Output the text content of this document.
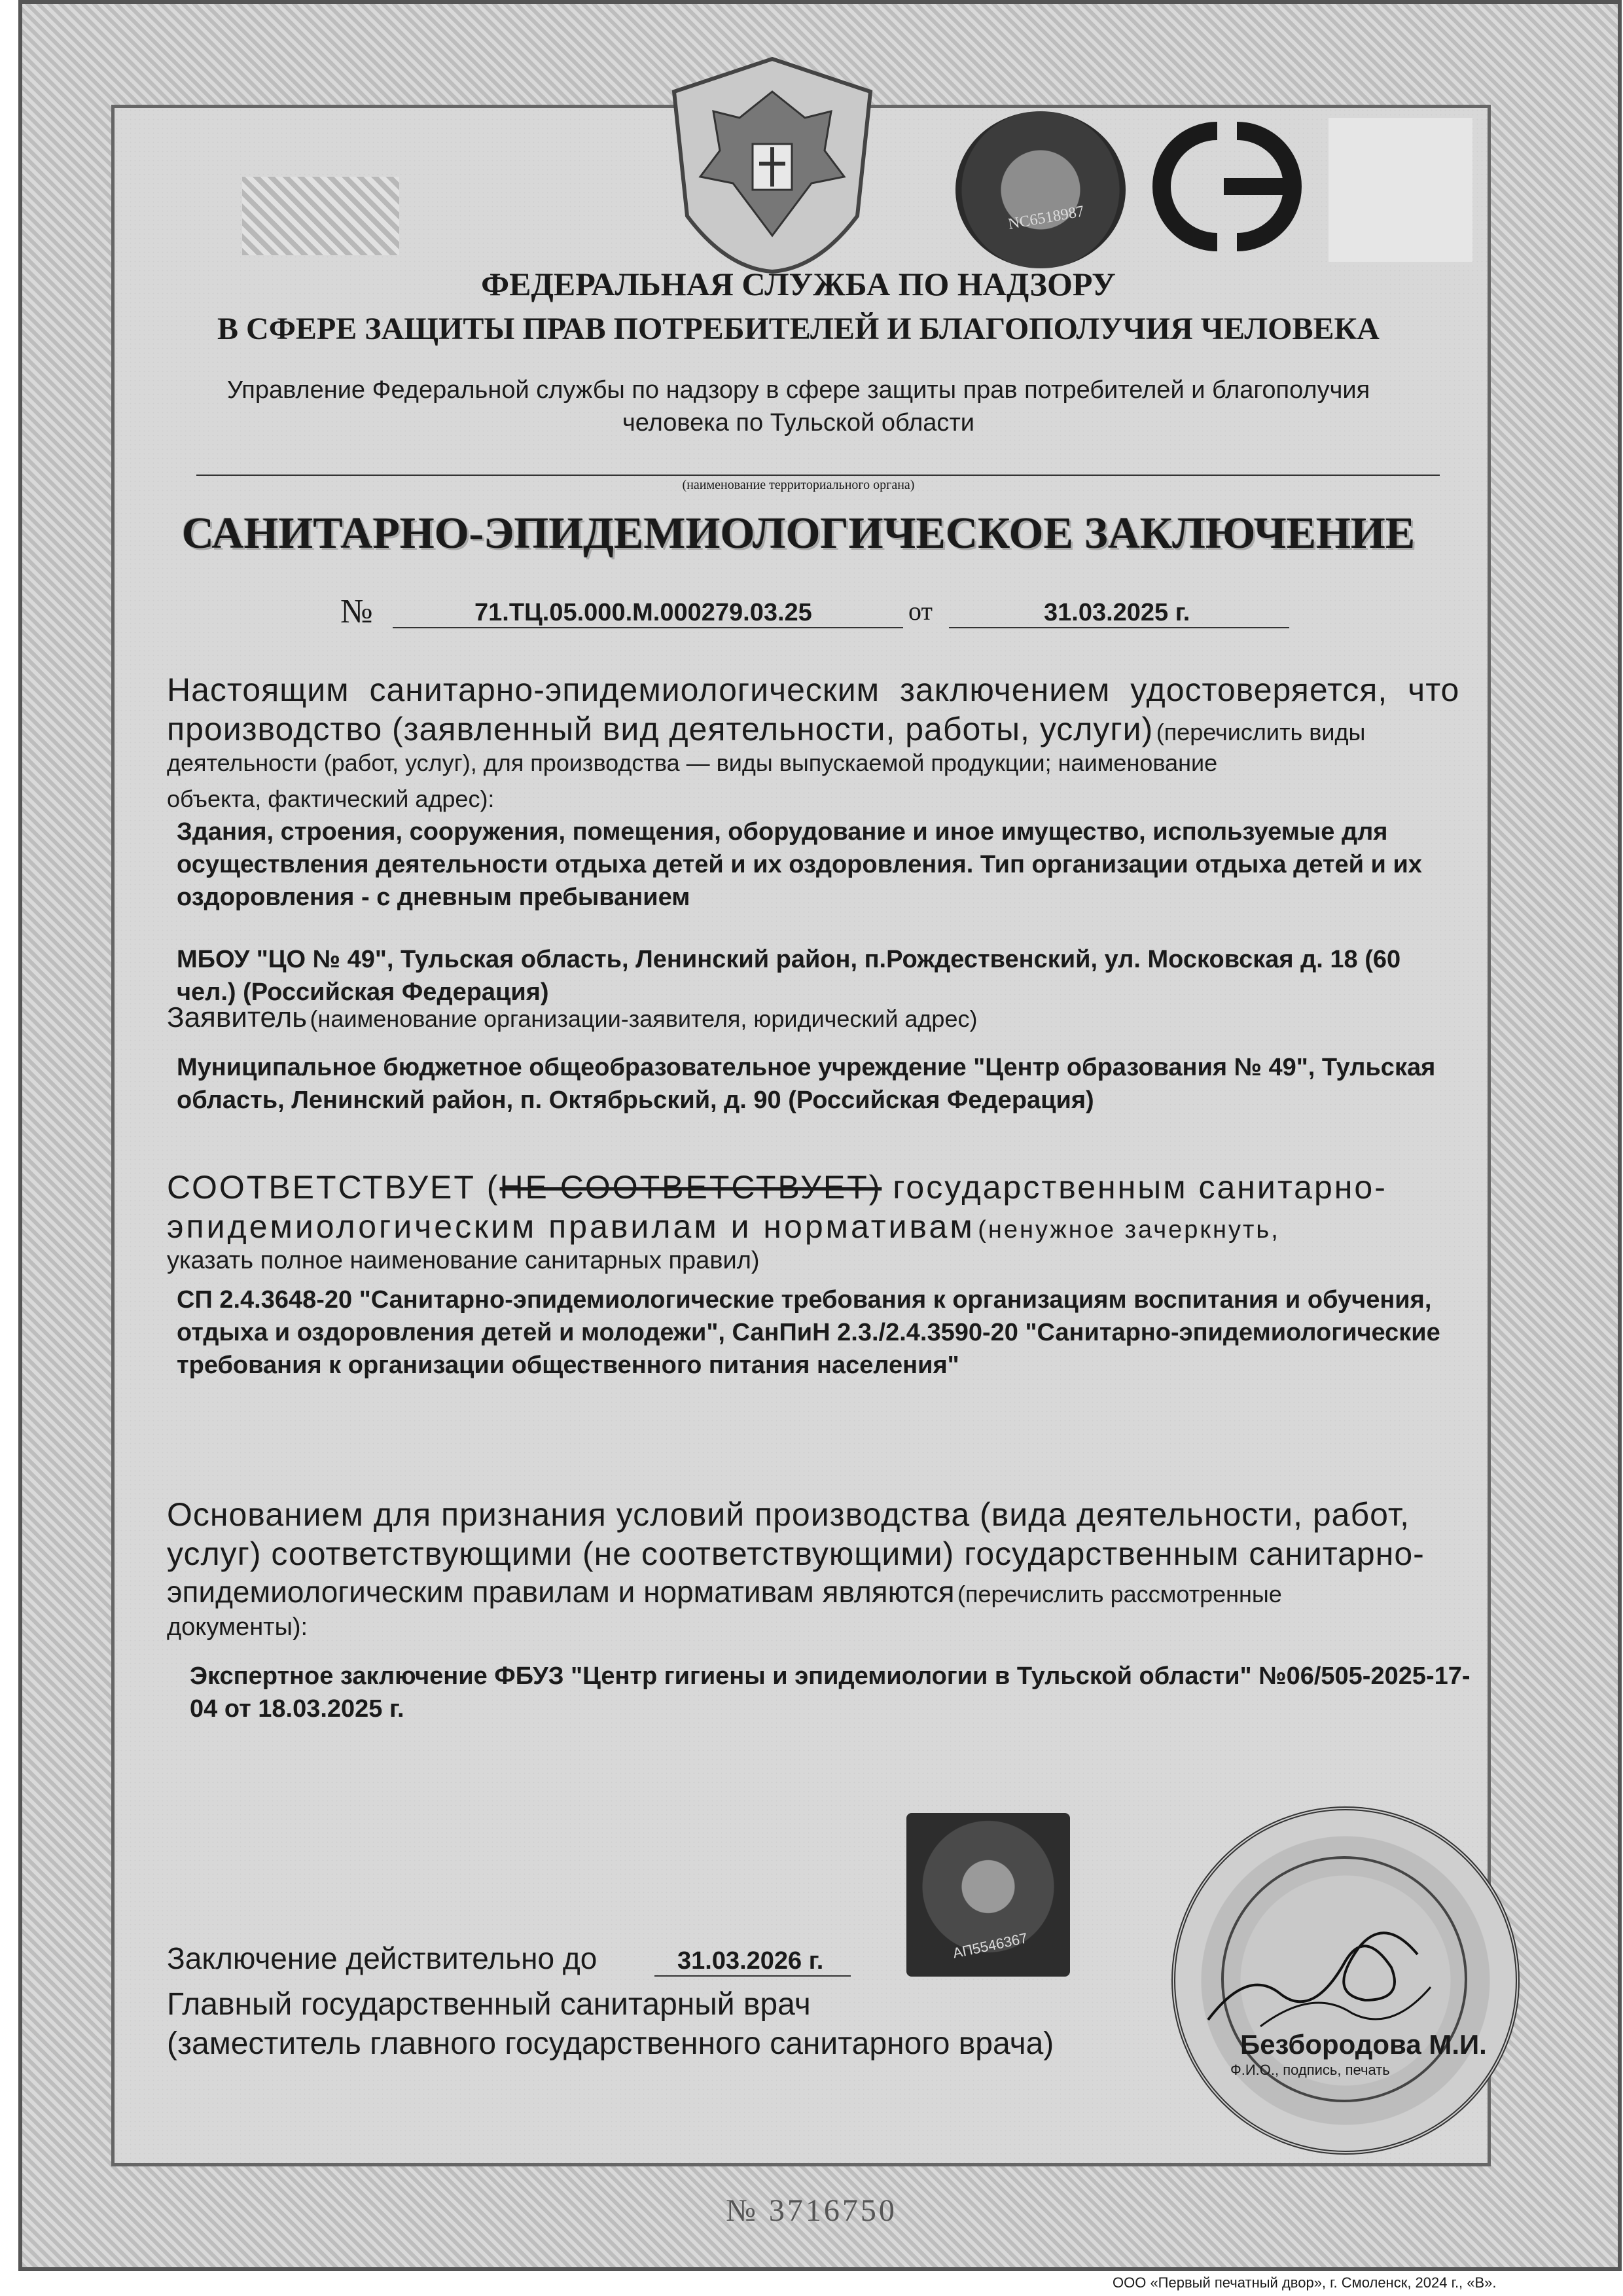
NC6518987
ФЕДЕРАЛЬНАЯ СЛУЖБА ПО НАДЗОРУ
В СФЕРЕ ЗАЩИТЫ ПРАВ ПОТРЕБИТЕЛЕЙ И БЛАГОПОЛУЧИЯ ЧЕЛОВЕКА
Управление Федеральной службы по надзору в сфере защиты прав потребителей и благополучия
человека по Тульской области
(наименование территориального органа)
САНИТАРНО-ЭПИДЕМИОЛОГИЧЕСКОЕ ЗАКЛЮЧЕНИЕ
№	71.ТЦ.05.000.М.000279.03.25	от	31.03.2025 г.
Настоящим санитарно-эпидемиологическим заключением удостоверяется, что
производство (заявленный вид деятельности, работы, услуги) (перечислить виды
деятельности (работ, услуг), для производства — виды выпускаемой продукции; наименование
объекта, фактический адрес):
Здания, строения, сооружения, помещения, оборудование и иное имущество, используемые для
осуществления деятельности отдыха детей и их оздоровления. Тип организации отдыха детей и их
оздоровления - с дневным пребыванием
МБОУ "ЦО № 49", Тульская область, Ленинский район, п.Рождественский, ул. Московская д. 18 (60
чел.) (Российская Федерация)
Заявитель (наименование организации-заявителя, юридический адрес)
Муниципальное бюджетное общеобразовательное учреждение "Центр образования № 49", Тульская
область, Ленинский район, п. Октябрьский, д. 90 (Российская Федерация)
СООТВЕТСТВУЕТ (НЕ СООТВЕТСТВУЕТ) государственным санитарно-
эпидемиологическим правилам и нормативам (ненужное зачеркнуть,
указать полное наименование санитарных правил)
СП 2.4.3648-20 "Санитарно-эпидемиологические требования к организациям воспитания и обучения,
отдыха и оздоровления детей и молодежи", СанПиН 2.3./2.4.3590-20 "Санитарно-эпидемиологические
требования к организации общественного питания населения"
Основанием для признания условий производства (вида деятельности, работ,
услуг) соответствующими (не соответствующими) государственным санитарно-
эпидемиологическим правилам и нормативам являются (перечислить рассмотренные
документы):
Экспертное заключение ФБУЗ "Центр гигиены и эпидемиологии в Тульской области" №06/505-2025-17-
04 от 18.03.2025 г.
AП5546367
Заключение действительно до	31.03.2026 г.
Главный государственный санитарный врач
(заместитель главного государственного санитарного врача)	Безбородова М.И.
Ф.И.О., подпись, печать
№ 3716750
ООО «Первый печатный двор», г. Смоленск, 2024 г., «В».
